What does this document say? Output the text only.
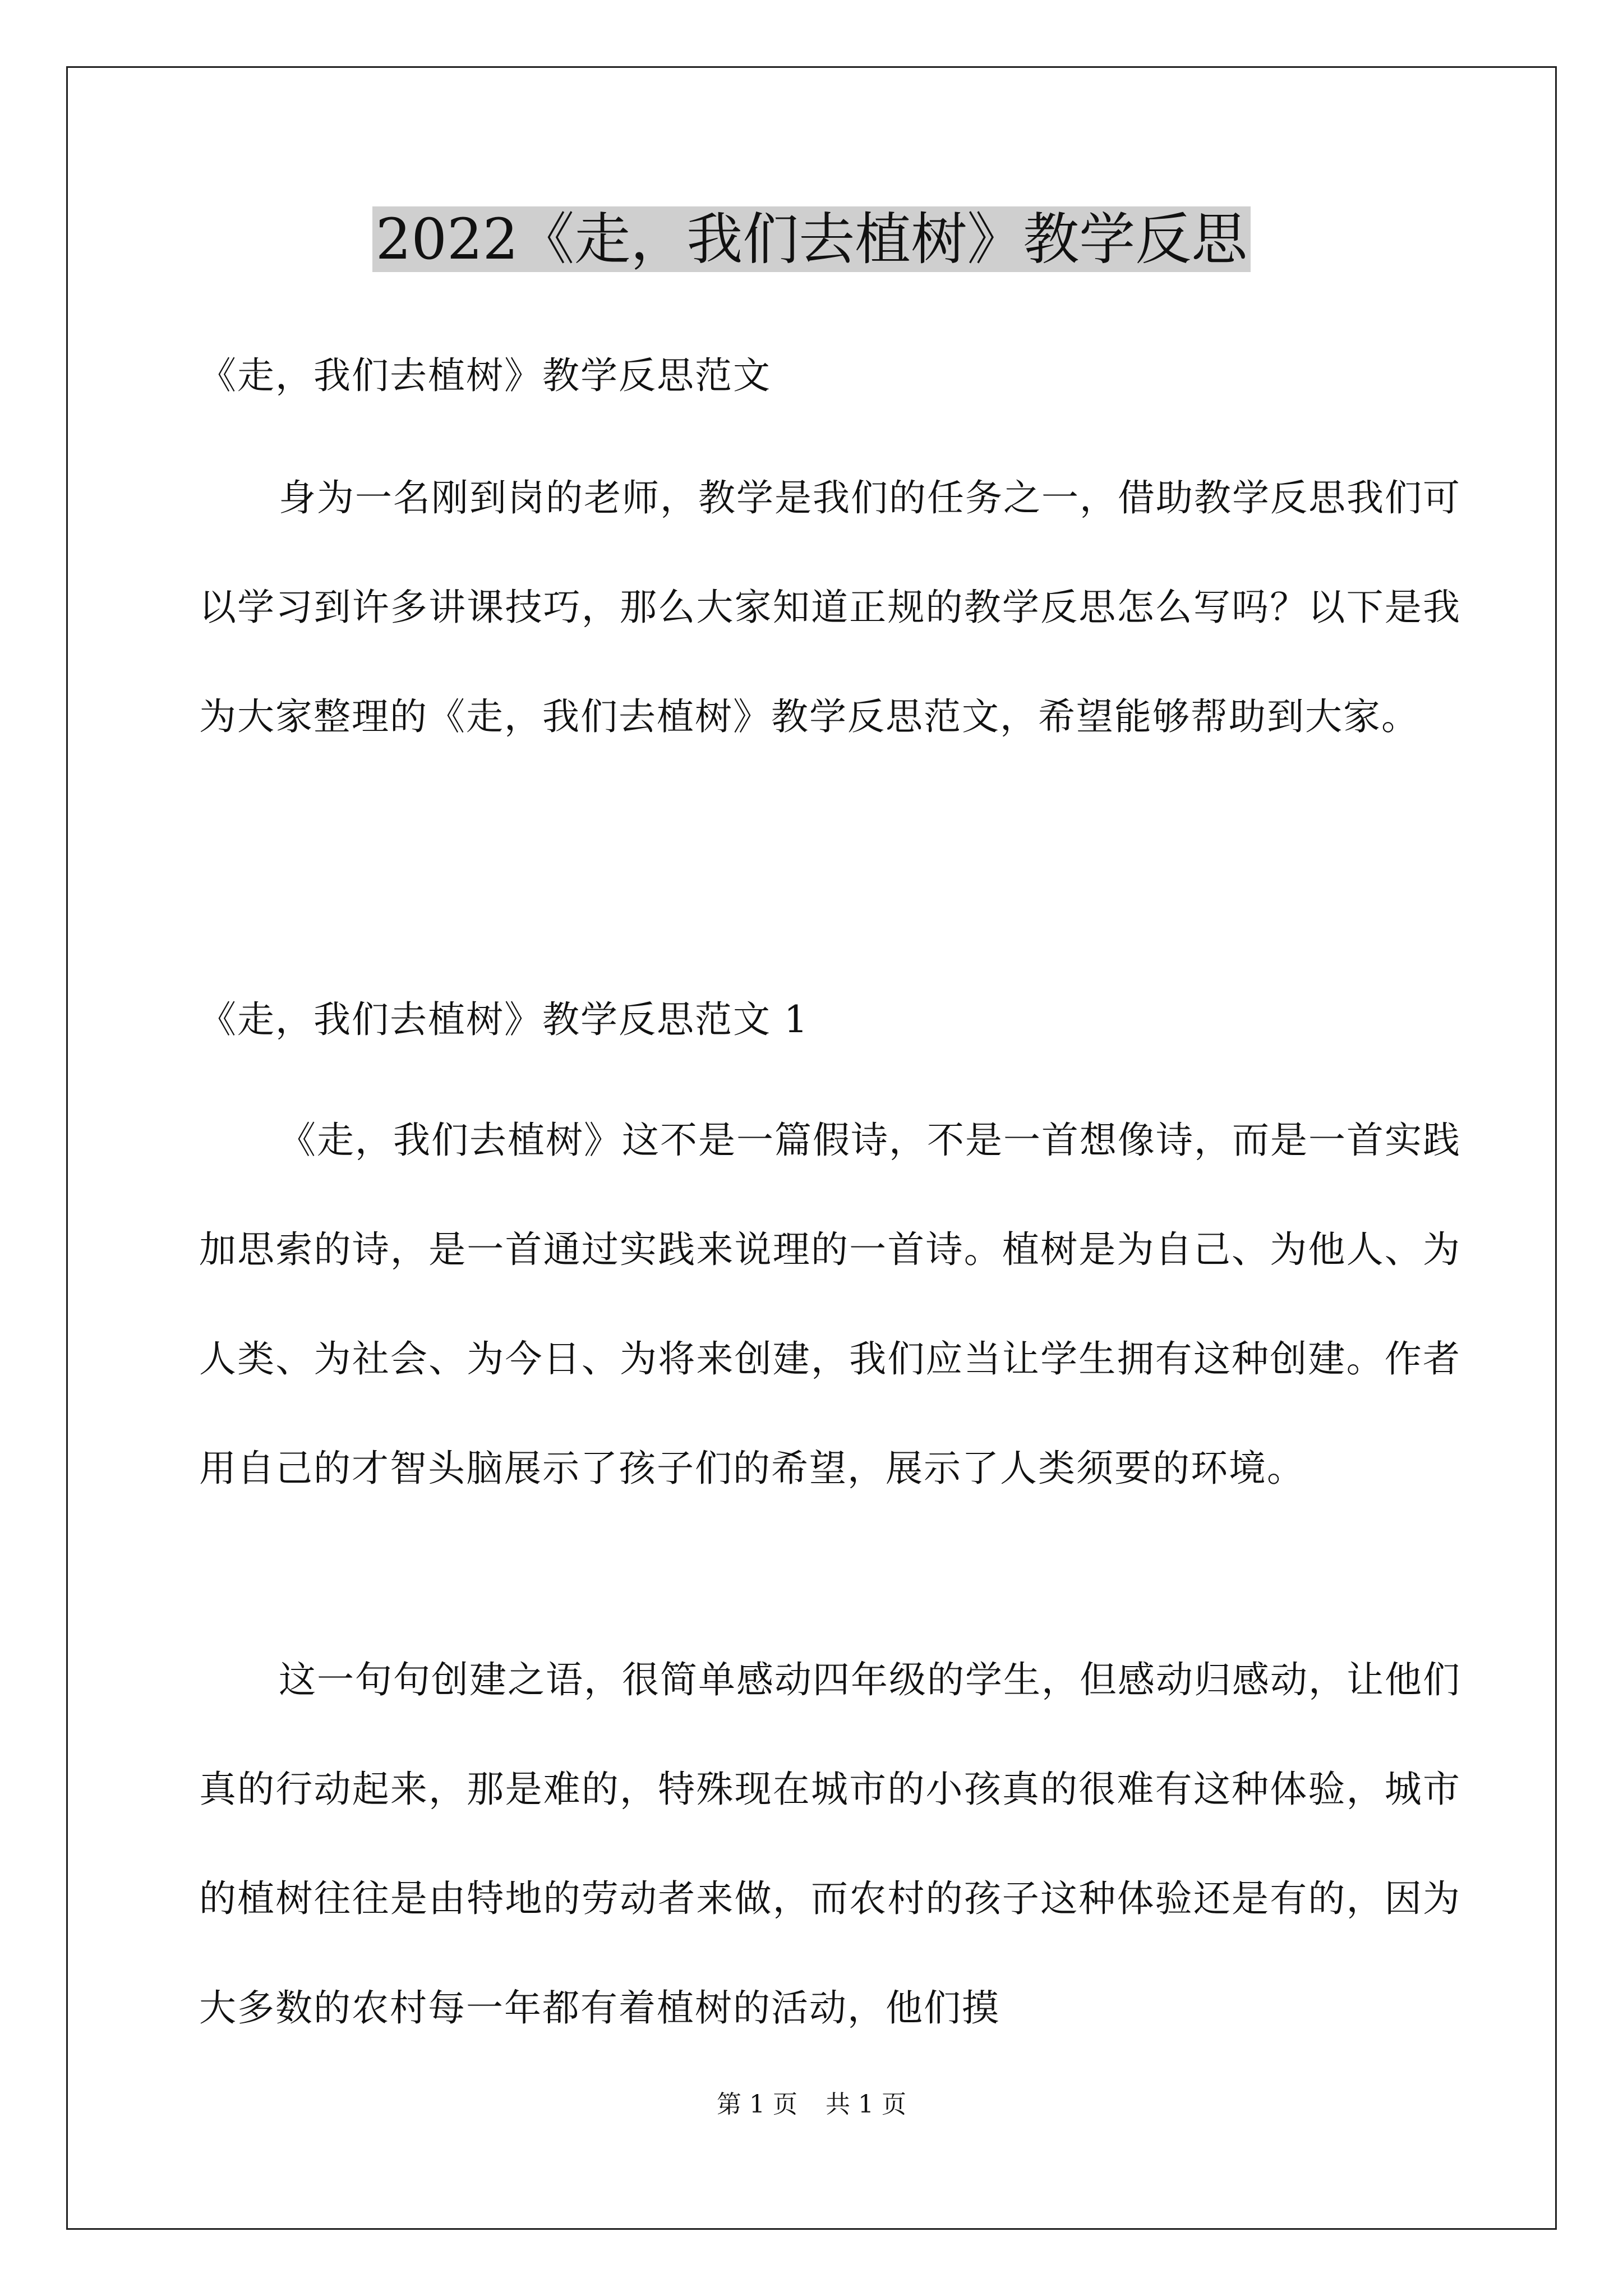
2022《走，我们去植树》教学反思

《走，我们去植树》教学反思范文

身为一名刚到岗的老师，教学是我们的任务之一，借助教学反思我们可以学习到许多讲课技巧，那么大家知道正规的教学反思怎么写吗？以下是我为大家整理的《走，我们去植树》教学反思范文，希望能够帮助到大家。

《走，我们去植树》教学反思范文 1

《走，我们去植树》这不是一篇假诗，不是一首想像诗，而是一首实践加思索的诗，是一首通过实践来说理的一首诗。植树是为自己、为他人、为人类、为社会、为今日、为将来创建，我们应当让学生拥有这种创建。作者用自己的才智头脑展示了孩子们的希望，展示了人类须要的环境。

这一句句创建之语，很简单感动四年级的学生，但感动归感动，让他们真的行动起来，那是难的，特殊现在城市的小孩真的很难有这种体验，城市的植树往往是由特地的劳动者来做，而农村的孩子这种体验还是有的，因为大多数的农村每一年都有着植树的活动，他们摸

第 1 页 共 1 页
